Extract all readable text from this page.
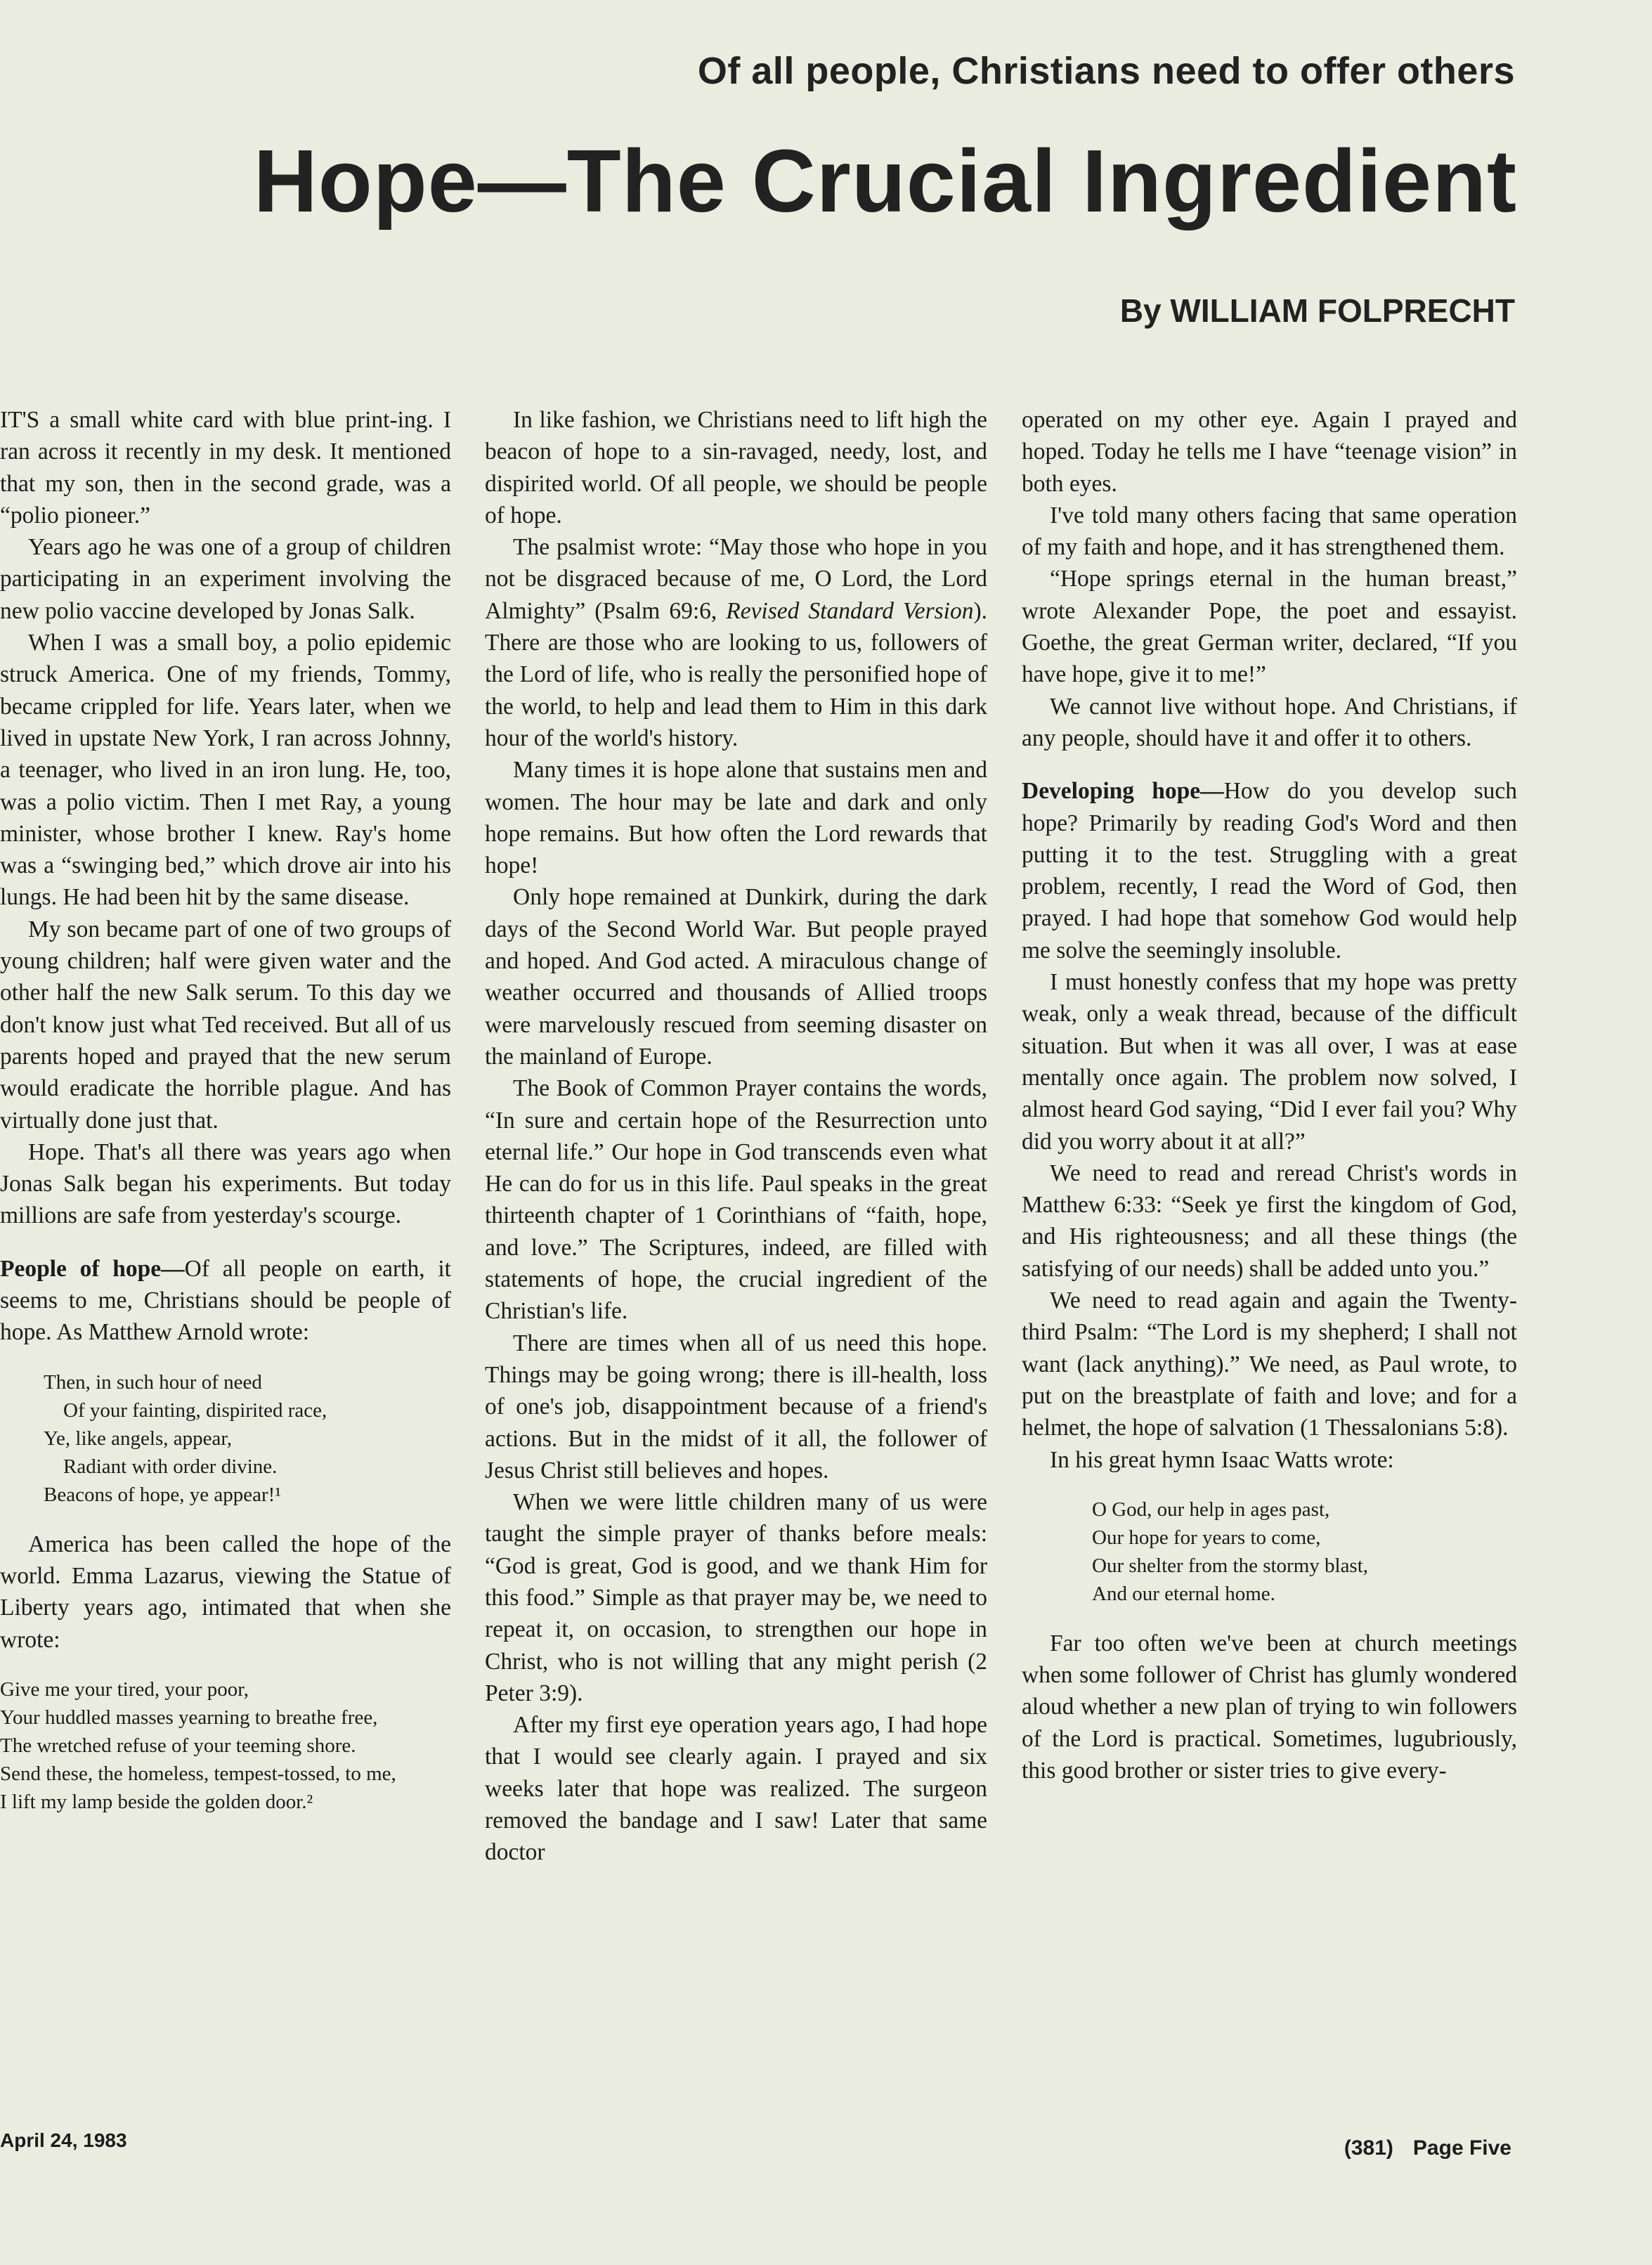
Of all people, Christians need to offer others
Hope—The Crucial Ingredient
By WILLIAM FOLPRECHT

IT'S a small white card with blue print-ing. I ran across it recently in my desk. It mentioned that my son, then in the second grade, was a “polio pioneer.”

Years ago he was one of a group of children participating in an experiment involving the new polio vaccine developed by Jonas Salk.

When I was a small boy, a polio epidemic struck America. One of my friends, Tommy, became crippled for life. Years later, when we lived in upstate New York, I ran across Johnny, a teenager, who lived in an iron lung. He, too, was a polio victim. Then I met Ray, a young minister, whose brother I knew. Ray's home was a “swinging bed,” which drove air into his lungs. He had been hit by the same disease.

My son became part of one of two groups of young children; half were given water and the other half the new Salk serum. To this day we don't know just what Ted received. But all of us parents hoped and prayed that the new serum would eradicate the horrible plague. And has virtually done just that.

Hope. That's all there was years ago when Jonas Salk began his experiments. But today millions are safe from yesterday's scourge.

People of hope—Of all people on earth, it seems to me, Christians should be people of hope. As Matthew Arnold wrote:

Then, in such hour of need
Of your fainting, dispirited race,
Ye, like angels, appear,
Radiant with order divine.
Beacons of hope, ye appear!¹

America has been called the hope of the world. Emma Lazarus, viewing the Statue of Liberty years ago, intimated that when she wrote:

Give me your tired, your poor,
Your huddled masses yearning to breathe free,
The wretched refuse of your teeming shore.
Send these, the homeless, tempest-tossed, to me,
I lift my lamp beside the golden door.²

In like fashion, we Christians need to lift high the beacon of hope to a sin-ravaged, needy, lost, and dispirited world. Of all people, we should be people of hope.

The psalmist wrote: “May those who hope in you not be disgraced because of me, O Lord, the Lord Almighty” (Psalm 69:6, Revised Standard Version). There are those who are looking to us, followers of the Lord of life, who is really the personified hope of the world, to help and lead them to Him in this dark hour of the world's history.

Many times it is hope alone that sustains men and women. The hour may be late and dark and only hope remains. But how often the Lord rewards that hope!

Only hope remained at Dunkirk, during the dark days of the Second World War. But people prayed and hoped. And God acted. A miraculous change of weather occurred and thousands of Allied troops were marvelously rescued from seeming disaster on the mainland of Europe.

The Book of Common Prayer contains the words, “In sure and certain hope of the Resurrection unto eternal life.” Our hope in God transcends even what He can do for us in this life. Paul speaks in the great thirteenth chapter of 1 Corinthians of “faith, hope, and love.” The Scriptures, indeed, are filled with statements of hope, the crucial ingredient of the Christian's life.

There are times when all of us need this hope. Things may be going wrong; there is ill-health, loss of one's job, disappointment because of a friend's actions. But in the midst of it all, the follower of Jesus Christ still believes and hopes.

When we were little children many of us were taught the simple prayer of thanks before meals: “God is great, God is good, and we thank Him for this food.” Simple as that prayer may be, we need to repeat it, on occasion, to strengthen our hope in Christ, who is not willing that any might perish (2 Peter 3:9).

After my first eye operation years ago, I had hope that I would see clearly again. I prayed and six weeks later that hope was realized. The surgeon removed the bandage and I saw! Later that same doctor

operated on my other eye. Again I prayed and hoped. Today he tells me I have “teenage vision” in both eyes.

I've told many others facing that same operation of my faith and hope, and it has strengthened them.

“Hope springs eternal in the human breast,” wrote Alexander Pope, the poet and essayist. Goethe, the great German writer, declared, “If you have hope, give it to me!”

We cannot live without hope. And Christians, if any people, should have it and offer it to others.

Developing hope—How do you develop such hope? Primarily by reading God's Word and then putting it to the test. Struggling with a great problem, recently, I read the Word of God, then prayed. I had hope that somehow God would help me solve the seemingly insoluble.

I must honestly confess that my hope was pretty weak, only a weak thread, because of the difficult situation. But when it was all over, I was at ease mentally once again. The problem now solved, I almost heard God saying, “Did I ever fail you? Why did you worry about it at all?”

We need to read and reread Christ's words in Matthew 6:33: “Seek ye first the kingdom of God, and His righteousness; and all these things (the satisfying of our needs) shall be added unto you.”

We need to read again and again the Twenty-third Psalm: “The Lord is my shepherd; I shall not want (lack anything).” We need, as Paul wrote, to put on the breastplate of faith and love; and for a helmet, the hope of salvation (1 Thessalonians 5:8).

In his great hymn Isaac Watts wrote:

O God, our help in ages past,
Our hope for years to come,
Our shelter from the stormy blast,
And our eternal home.

Far too often we've been at church meetings when some follower of Christ has glumly wondered aloud whether a new plan of trying to win followers of the Lord is practical. Sometimes, lugubriously, this good brother or sister tries to give every-

April 24, 1983	(381) Page Five
